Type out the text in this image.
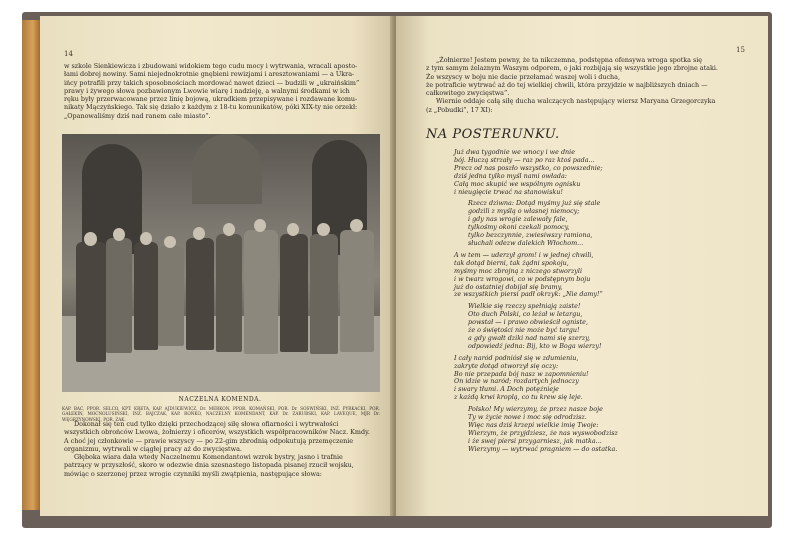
14

w szkole Sienkiewicza i zbudowani widokiem tego cudu mocy i wytrwania, wracali aposto-

łami dobrej nowiny. Sami niejednokrotnie gnębieni rewizjami i aresztowaniami — a Ukra-

ińcy potrafili przy takich sposobnościach mordować nawet dzieci — budzili w „ukraińskim”

prawy i żywego słowa pozbawionym Lwowie wiarę i nadzieję, a walnymi środkami w ich

ręku były przerwacowane przez linię bojową, ukradkiem przepisywane i rozdawane komu-

nikaty Mączyńskiego. Tak się działo z każdym z 18-tu komunikatów, póki XIX-ty nie orzekł:

„Opanowaliśmy dziś nad ranem całe miasto”.

NACZELNA KOMENDA.
KAP. BAC, PPOR. SELCO, KPT. KRETA, KAP. AJDUKIEWICZ, Dr. MERKON, PPOR. KOMAŃSKI, POR. Dr. SOSWIŃSKI, INŻ. PYRKACKI, POR. GAŁEKIN, MOCNOLUSIŃSKI, INŻ. BAJCZAK, KAP. ROŃKO, NACZELNY KOMENDANT, KAP. Dr. ZARUBSKI, KAP. LAVEQUE, MJR Dr. WĘGRZYNOWSKI, POR. ZAK.

Dokonał się ten cud tylko dzięki przechodzącej siłę słowa ofiarności i wytrwałości

wszystkich obrońców Lwowa, żołnierzy i oficerów, wszystkich współpracowników Nacz. Kmdy.

A choć jej członkowie — prawie wszyscy — po 22-gim zbrodnią odpokutują przemęczenie

organizmu, wytrwali w ciągłej pracy aż do zwycięstwa.

Głęboka wiara dała wtedy Naczelnemu Komendantowi wzrok bystry, jasno i trafnie

patrzący w przyszłość, skoro w odezwie dnia szesnastego listopada pisanej rzucił wojsku,

mówiąc o szerzonej przez wrogie czynniki myśli zwątpienia, następujące słowa:

15

„Żołnierze! Jestem pewny, że ta nikczemna, podstępna ofensywa wroga spotka się

z tym samym żelaznym Waszym odporem, o jaki rozbijają się wszystkie jego zbrojne ataki.

Że wszyscy w boju nie dacie przełamać waszej woli i ducha,

że potraficie wytrwać aż do tej wielkiej chwili, która przyjdzie w najbliższych dniach —

całkowitego zwycięstwa”.

Wiernie oddaje całą siłę ducha walczących następujący wiersz Maryana Grzegorczyka

(z „Pobudki”, 17 XI):

NA POSTERUNKU.
Już dwa tygodnie we wnocy i we dnie
bój. Huczą strzały — raz po raz ktoś pada...
Precz od nas poszło wszystko, co powszednie;
dziś jedna tylko myśl nami owłada:
Całą moc skupić we wspólnym ognisku
i nieugięcie trwać na stanowisku!
Rzecz dziwna: Dotąd myśmy już się stale
godzili z myślą o własnej niemocy;
i gdy nas wrogie zalewały fale,
tylkośmy okoni czekali pomocy,
tylko bezczynnie, zwiesiwszy ramiona,
słuchali odezw dalekich Włochom...
A w tem — uderzył grom! i w jednej chwili,
tak dotąd bierni, tak żądni spokoju,
myśmy moc zbrojną z niczego stworzyli
i w twarz wrogowi, co w podstępnym boju
już do ostatniej dobijał się bramy,
ze wszystkich piersi padł okrzyk: „Nie damy!”
Wielkie się rzeczy spełniają zaiste!
Oto duch Polski, co leżał w letargu,
powstał — i prawo obwieścił ogniste,
że o świętości nie może być targu!
a gdy gwałt dziki nad nami się szerzy,
odpowiedź jedna: Bij, kto w Boga wierzy!
I cały naród podniósł się w zdumieniu,
zakryte dotąd otworzył się oczy:
Bo nie przepada bój nasz w zapomnieniu!
On idzie w naród; rozdartych jednoczy
i swary tłumi. A Doch potężnieje
z każdą krwi kroplą, co tu krew się leje.
Polsko! My wierzymy, że przez nasze boje
Ty w życie nowe i moc się odrodzisz.
Więc nas dziś krzepi wielkie imię Twoje:
Wierzym, że przyjdziesz, że nas wyswobodzisz
i że swej piersi przygarniesz, jak matka...
Wierzymy — wytrwać pragniem — do ostatka.
